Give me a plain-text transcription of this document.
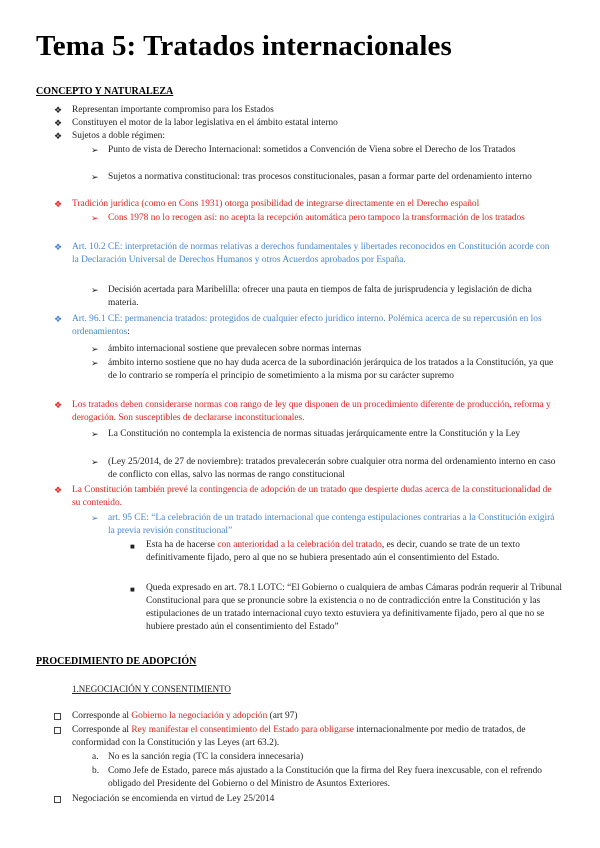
Tema 5: Tratados internacionales
CONCEPTO Y NATURALEZA
❖ Representan importante compromiso para los Estados

❖ Constituyen el motor de la labor legislativa en el ámbito estatal interno

❖ Sujetos a doble régimen:

➢ Punto de vista de Derecho Internacional: sometidos a Convención de Viena sobre el Derecho de los Tratados

➢ Sujetos a normativa constitucional: tras procesos constitucionales, pasan a formar parte del ordenamiento interno

❖ Tradición jurídica (como en Cons 1931) otorga posibilidad de integrarse directamente en el Derecho español

➢ Cons 1978 no lo recogen así: no acepta la recepción automática pero tampoco la transformación de los tratados

❖ Art. 10.2 CE: interpretación de normas relativas a derechos fundamentales y libertades reconocidos en Constitución acorde con la Declaración Universal de Derechos Humanos y otros Acuerdos aprobados por España.

➢ Decisión acertada para Maribelilla: ofrecer una pauta en tiempos de falta de jurisprudencia y legislación de dicha materia.

❖ Art. 96.1 CE: permanencia tratados: protegidos de cualquier efecto jurídico interno. Polémica acerca de su repercusión en los ordenamientos:

➢ ámbito internacional sostiene que prevalecen sobre normas internas

➢ ámbito interno sostiene que no hay duda acerca de la subordinación jerárquica de los tratados a la Constitución, ya que de lo contrario se rompería el principio de sometimiento a la misma por su carácter supremo

❖ Los tratados deben considerarse normas con rango de ley que disponen de un procedimiento diferente de producción, reforma y derogación. Son susceptibles de declararse inconstitucionales.

➢ La Constitución no contempla la existencia de normas situadas jerárquicamente entre la Constitución y la Ley

➢ (Ley 25/2014, de 27 de noviembre): tratados prevalecerán sobre cualquier otra norma del ordenamiento interno en caso de conflicto con ellas, salvo las normas de rango constitucional

❖ La Constitución también prevé la contingencia de adopción de un tratado que despierte dudas acerca de la constitucionalidad de su contenido.

➢ art. 95 CE: “La celebración de un tratado internacional que contenga estipulaciones contrarias a la Constitución exigirá la previa revisión constitucional”

■ Esta ha de hacerse con anterioridad a la celebración del tratado, es decir, cuando se trate de un texto definitivamente fijado, pero al que no se hubiera presentado aún el consentimiento del Estado.

■ Queda expresado en art. 78.1 LOTC: “El Gobierno o cualquiera de ambas Cámaras podrán requerir al Tribunal Constitucional para que se pronuncie sobre la existencia o no de contradicción entre la Constitución y las estipulaciones de un tratado internacional cuyo texto estuviera ya definitivamente fijado, pero al que no se hubiere prestado aún el consentimiento del Estado”

PROCEDIMIENTO DE ADOPCIÓN
1.NEGOCIACIÓN Y CONSENTIMIENTO

Corresponde al Gobierno la negociación y adopción (art 97)

Corresponde al Rey manifestar el consentimiento del Estado para obligarse internacionalmente por medio de tratados, de conformidad con la Constitución y las Leyes (art 63.2).

a. No es la sanción regia (TC la considera innecesaria)

b. Como Jefe de Estado, parece más ajustado a la Constitución que la firma del Rey fuera inexcusable, con el refrendo obligado del Presidente del Gobierno o del Ministro de Asuntos Exteriores.

Negociación se encomienda en virtud de Ley 25/2014
